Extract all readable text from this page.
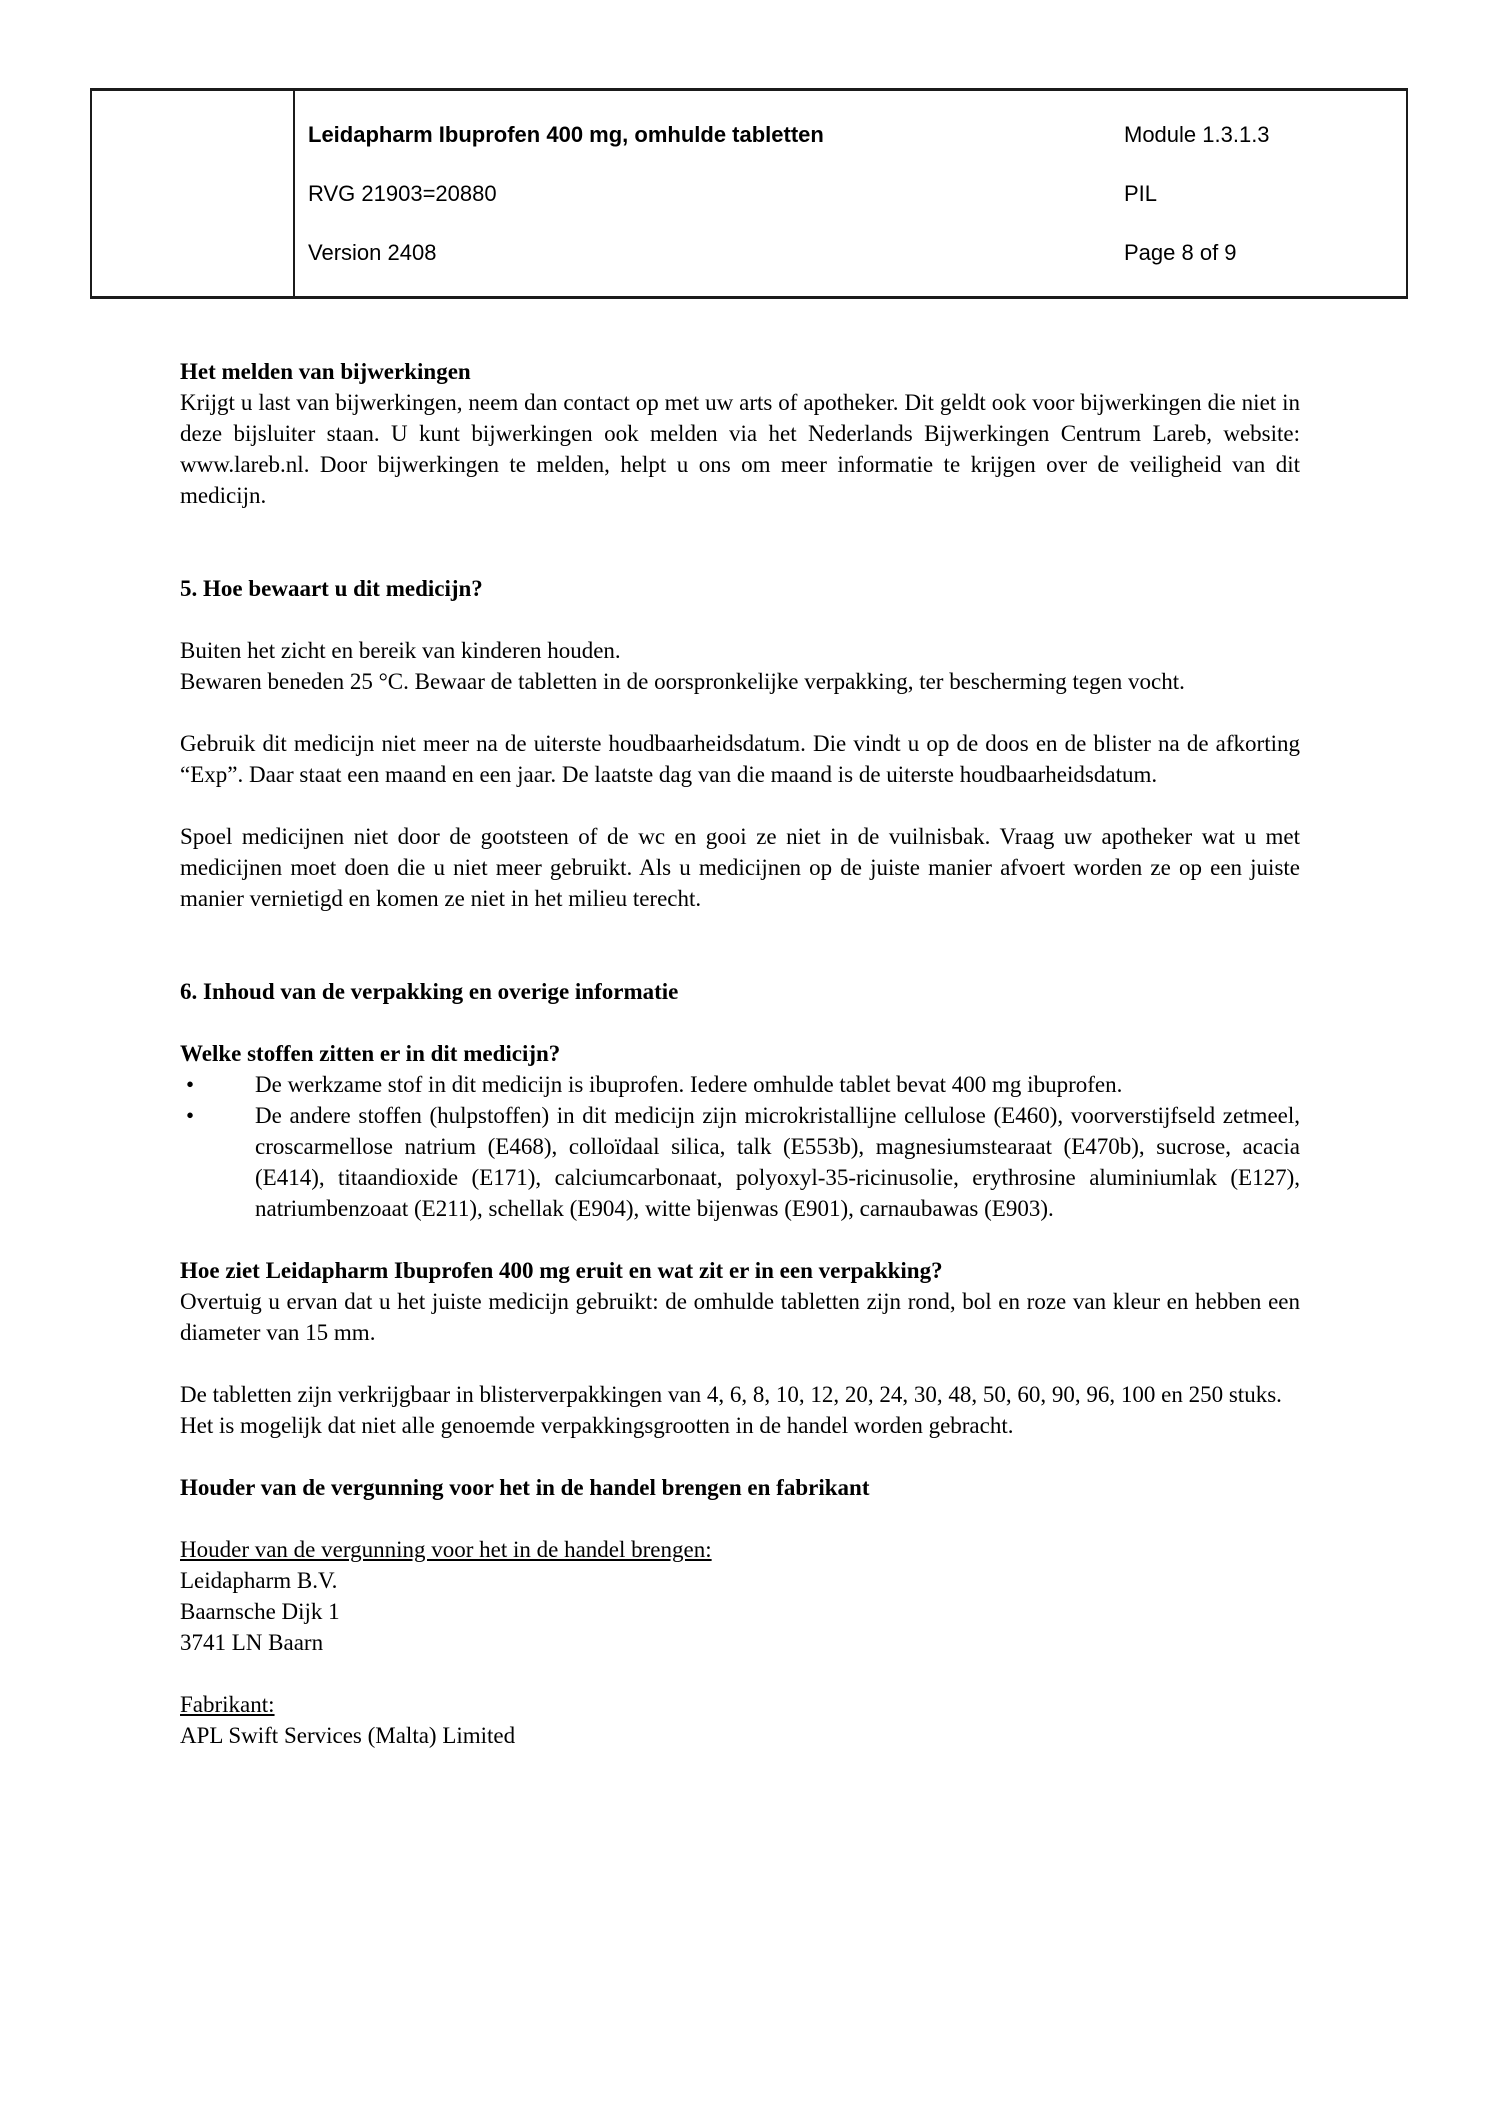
Leidapharm Ibuprofen 400 mg, omhulde tabletten	Module 1.3.1.3
RVG 21903=20880	PIL
Version 2408	Page 8 of 9
Het melden van bijwerkingen
Krijgt u last van bijwerkingen, neem dan contact op met uw arts of apotheker. Dit geldt ook voor bijwerkingen die niet in deze bijsluiter staan. U kunt bijwerkingen ook melden via het Nederlands Bijwerkingen Centrum Lareb, website: www.lareb.nl. Door bijwerkingen te melden, helpt u ons om meer informatie te krijgen over de veiligheid van dit medicijn.
5. Hoe bewaart u dit medicijn?
Buiten het zicht en bereik van kinderen houden.
Bewaren beneden 25 °C. Bewaar de tabletten in de oorspronkelijke verpakking, ter bescherming tegen vocht.
Gebruik dit medicijn niet meer na de uiterste houdbaarheidsdatum. Die vindt u op de doos en de blister na de afkorting “Exp”. Daar staat een maand en een jaar. De laatste dag van die maand is de uiterste houdbaarheidsdatum.
Spoel medicijnen niet door de gootsteen of de wc en gooi ze niet in de vuilnisbak. Vraag uw apotheker wat u met medicijnen moet doen die u niet meer gebruikt. Als u medicijnen op de juiste manier afvoert worden ze op een juiste manier vernietigd en komen ze niet in het milieu terecht.
6. Inhoud van de verpakking en overige informatie
Welke stoffen zitten er in dit medicijn?
•	De werkzame stof in dit medicijn is ibuprofen. Iedere omhulde tablet bevat 400 mg ibuprofen.
•	De andere stoffen (hulpstoffen) in dit medicijn zijn microkristallijne cellulose (E460), voorverstijfseld zetmeel, croscarmellose natrium (E468), colloïdaal silica, talk (E553b), magnesiumstearaat (E470b), sucrose, acacia (E414), titaandioxide (E171), calciumcarbonaat, polyoxyl-35-ricinusolie, erythrosine aluminiumlak (E127), natriumbenzoaat (E211), schellak (E904), witte bijenwas (E901), carnaubawas (E903).
Hoe ziet Leidapharm Ibuprofen 400 mg eruit en wat zit er in een verpakking?
Overtuig u ervan dat u het juiste medicijn gebruikt: de omhulde tabletten zijn rond, bol en roze van kleur en hebben een diameter van 15 mm.
De tabletten zijn verkrijgbaar in blisterverpakkingen van 4, 6, 8, 10, 12, 20, 24, 30, 48, 50, 60, 90, 96, 100 en 250 stuks.
Het is mogelijk dat niet alle genoemde verpakkingsgrootten in de handel worden gebracht.
Houder van de vergunning voor het in de handel brengen en fabrikant
Houder van de vergunning voor het in de handel brengen:
Leidapharm B.V.
Baarnsche Dijk 1
3741 LN Baarn
Fabrikant:
APL Swift Services (Malta) Limited
